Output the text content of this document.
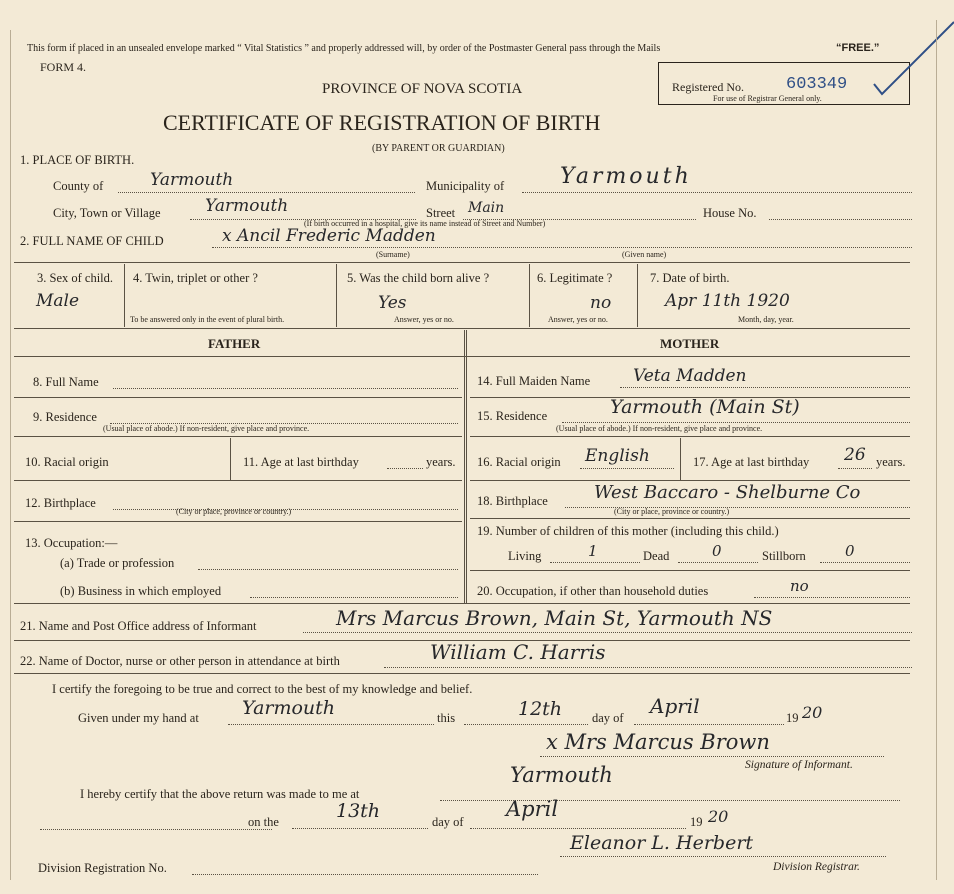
This form if placed in an unsealed envelope marked “ Vital Statistics ” and properly addressed will, by order of the Postmaster General pass through the Mails	“FREE.”
FORM 4.
PROVINCE OF NOVA SCOTIA
CERTIFICATE OF REGISTRATION OF BIRTH
(BY PARENT OR GUARDIAN)
Registered No. 603349
For use of Registrar General only.
1. PLACE OF BIRTH.
County of	Yarmouth	Municipality of	Yarmouth
City, Town or Village	Yarmouth	Street Main	House No.
(If birth occurred in a hospital, give its name instead of Street and Number)
2. FULL NAME OF CHILD	x Ancil Frederic Madden
(Surname)	(Given name)
3. Sex of child.
Male
4. Twin, triplet or other ?
To be answered only in the event of plural birth.
5. Was the child born alive ?
Yes
Answer, yes or no.
6. Legitimate ?
no
Answer, yes or no.
7. Date of birth.
Apr 11th 1920
Month, day, year.
FATHER	MOTHER
8. Full Name
9. Residence
(Usual place of abode.) If non-resident, give place and province.
10. Racial origin	11. Age at last birthday	years.
12. Birthplace
(City or place, province or country.)
13. Occupation:—
(a) Trade or profession
(b) Business in which employed
14. Full Maiden Name	Veta Madden
15. Residence	Yarmouth (Main St)
(Usual place of abode.) If non-resident, give place and province.
16. Racial origin English	17. Age at last birthday 26 years.
18. Birthplace	West Baccaro - Shelburne Co
(City or place, province or country.)
19. Number of children of this mother (including this child.)
Living	1	Dead	0	Stillborn	0
20. Occupation, if other than household duties	no
21. Name and Post Office address of Informant	Mrs Marcus Brown, Main St, Yarmouth NS
22. Name of Doctor, nurse or other person in attendance at birth	William C. Harris
I certify the foregoing to be true and correct to the best of my knowledge and belief.
Given under my hand at Yarmouth	this	12th day of April	19 20
x Mrs Marcus Brown
Signature of Informant.
I hereby certify that the above return was made to me at
Yarmouth
on the	13th	day of
April
19 20
Division Registration No.
Eleanor L. Herbert
Division Registrar.
